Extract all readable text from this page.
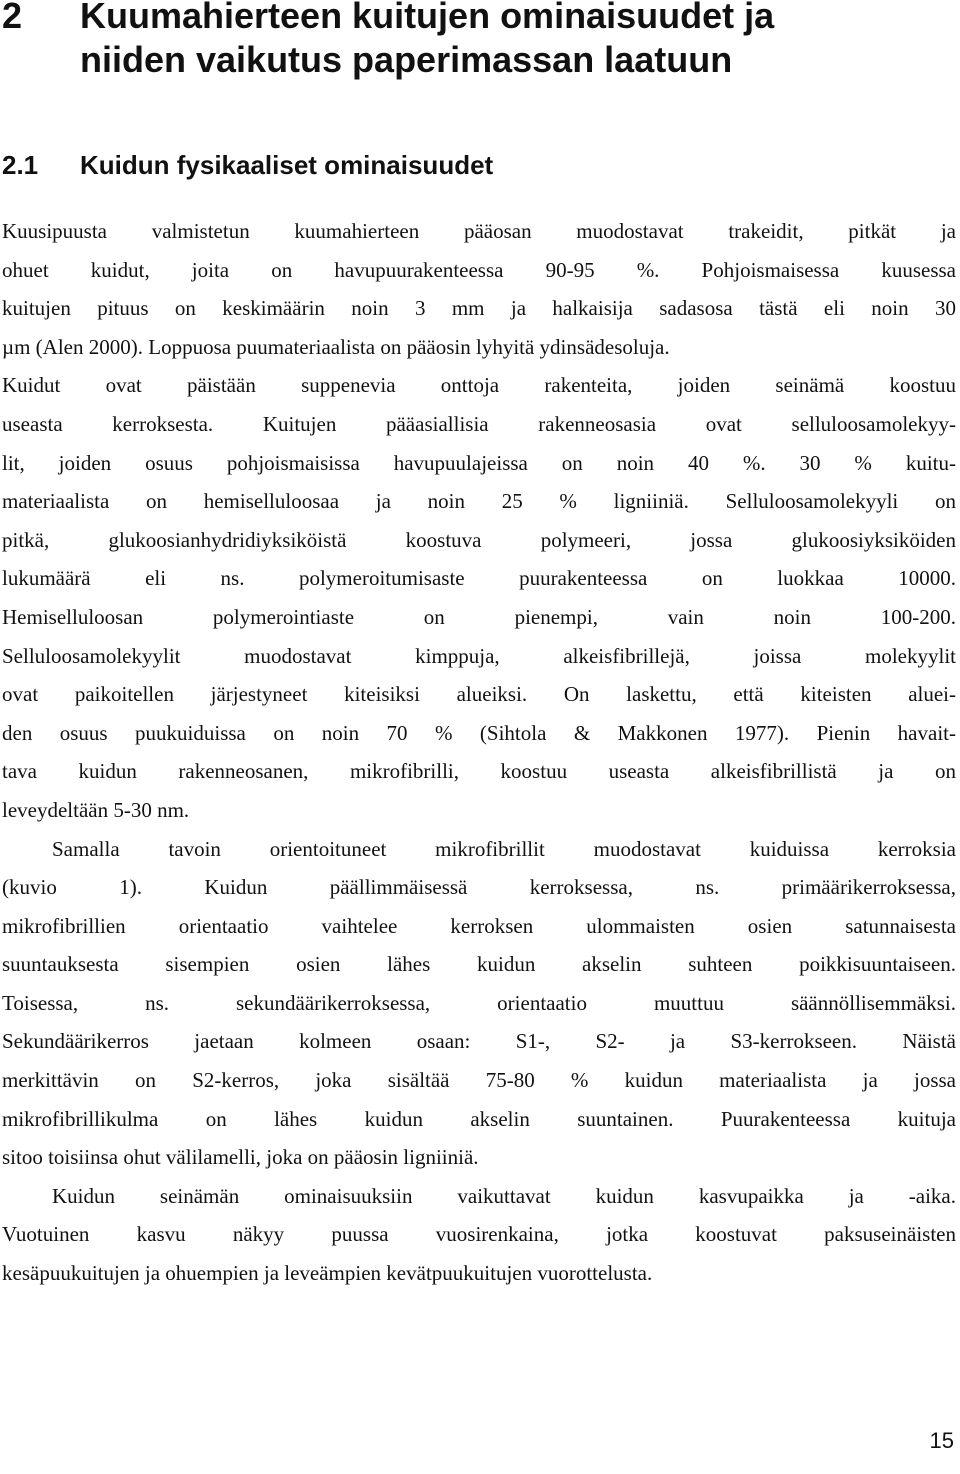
2	Kuumahierteen kuitujen ominaisuudet ja
niiden vaikutus paperimassan laatuun
2.1	Kuidun fysikaaliset ominaisuudet

Kuusipuusta valmistetun kuumahierteen pääosan muodostavat trakeidit, pitkät ja
ohuet kuidut, joita on havupuurakenteessa 90-95 %. Pohjoismaisessa kuusessa
kuitujen pituus on keskimäärin noin 3 mm ja halkaisija sadasosa tästä eli noin 30
µm (Alen 2000). Loppuosa puumateriaalista on pääosin lyhyitä ydinsädesoluja.
Kuidut ovat päistään suppenevia onttoja rakenteita, joiden seinämä koostuu
useasta kerroksesta. Kuitujen pääasiallisia rakenneosasia ovat selluloosamolekyy-
lit, joiden osuus pohjoismaisissa havupuulajeissa on noin 40 %. 30 % kuitu-
materiaalista on hemiselluloosaa ja noin 25 % ligniiniä. Selluloosamolekyyli on
pitkä, glukoosianhydridiyksiköistä koostuva polymeeri, jossa glukoosiyksiköiden
lukumäärä eli ns. polymeroitumisaste puurakenteessa on luokkaa 10000.
Hemiselluloosan polymerointiaste on pienempi, vain noin 100-200.
Selluloosamolekyylit muodostavat kimppuja, alkeisfibrillejä, joissa molekyylit
ovat paikoitellen järjestyneet kiteisiksi alueiksi. On laskettu, että kiteisten aluei-
den osuus puukuiduissa on noin 70 % (Sihtola & Makkonen 1977). Pienin havait-
tava kuidun rakenneosanen, mikrofibrilli, koostuu useasta alkeisfibrillistä ja on
leveydeltään 5-30 nm.

Samalla tavoin orientoituneet mikrofibrillit muodostavat kuiduissa kerroksia
(kuvio 1). Kuidun päällimmäisessä kerroksessa, ns. primäärikerroksessa,
mikrofibrillien orientaatio vaihtelee kerroksen ulommaisten osien satunnaisesta
suuntauksesta sisempien osien lähes kuidun akselin suhteen poikkisuuntaiseen.
Toisessa, ns. sekundäärikerroksessa, orientaatio muuttuu säännöllisemmäksi.
Sekundäärikerros jaetaan kolmeen osaan: S1-, S2- ja S3-kerrokseen. Näistä
merkittävin on S2-kerros, joka sisältää 75-80 % kuidun materiaalista ja jossa
mikrofibrillikulma on lähes kuidun akselin suuntainen. Puurakenteessa kuituja
sitoo toisiinsa ohut välilamelli, joka on pääosin ligniiniä.

Kuidun seinämän ominaisuuksiin vaikuttavat kuidun kasvupaikka ja -aika.
Vuotuinen kasvu näkyy puussa vuosirenkaina, jotka koostuvat paksuseinäisten
kesäpuukuitujen ja ohuempien ja leveämpien kevätpuukuitujen vuorottelusta.

15
